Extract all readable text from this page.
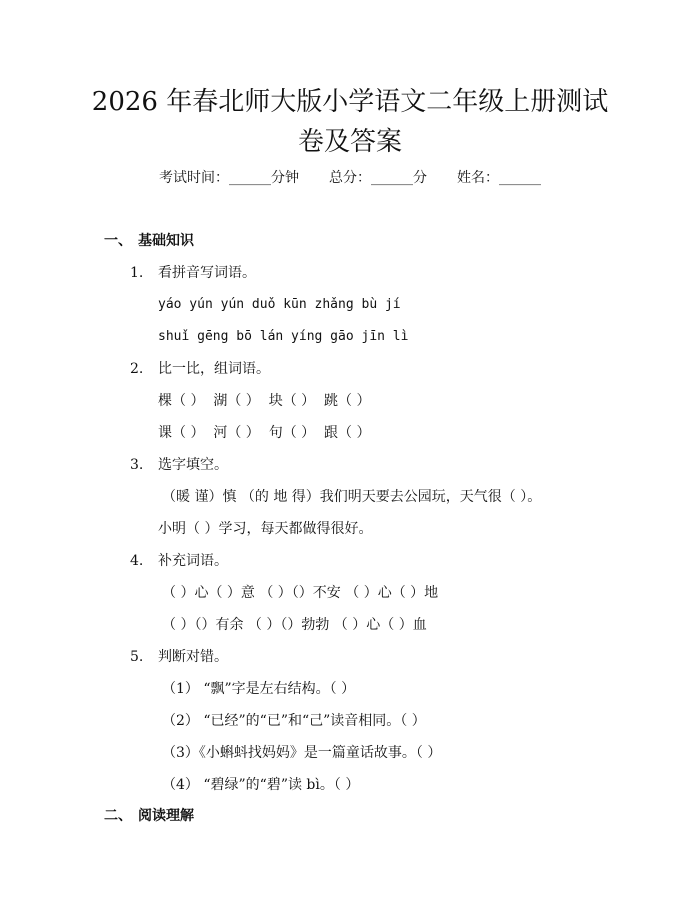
2026 年春北师大版小学语文二年级上册测试
卷及答案
考试时间：______分钟 总分：______分 姓名：______
一、 基础知识
1. 看拼音写词语。
yáo yún yún duǒ kūn zhǎng bù jí
shuǐ gēng bō lán yíng gāo jīn lì
2. 比一比，组词语。
棵（ ）  湖（ ）  块（ ）  跳（ ）
课（ ）  河（ ）  句（ ）  跟（ ）
3. 选字填空。
（暖 谨）慎 （的 地 得）我们明天要去公园玩，天气很（ ）。
小明（ ）学习，每天都做得很好。
4. 补充词语。
（ ）心（ ）意 （ ）（）不安 （ ）心（ ）地
（ ）（）有余 （ ）（）勃勃 （ ）心（ ）血
5. 判断对错。
（1） “飘”字是左右结构。（ ）
（2） “已经”的“已”和“己”读音相同。（ ）
（3）《小蝌蚪找妈妈》是一篇童话故事。（ ）
（4） “碧绿”的“碧”读 bì。（ ）
二、 阅读理解
